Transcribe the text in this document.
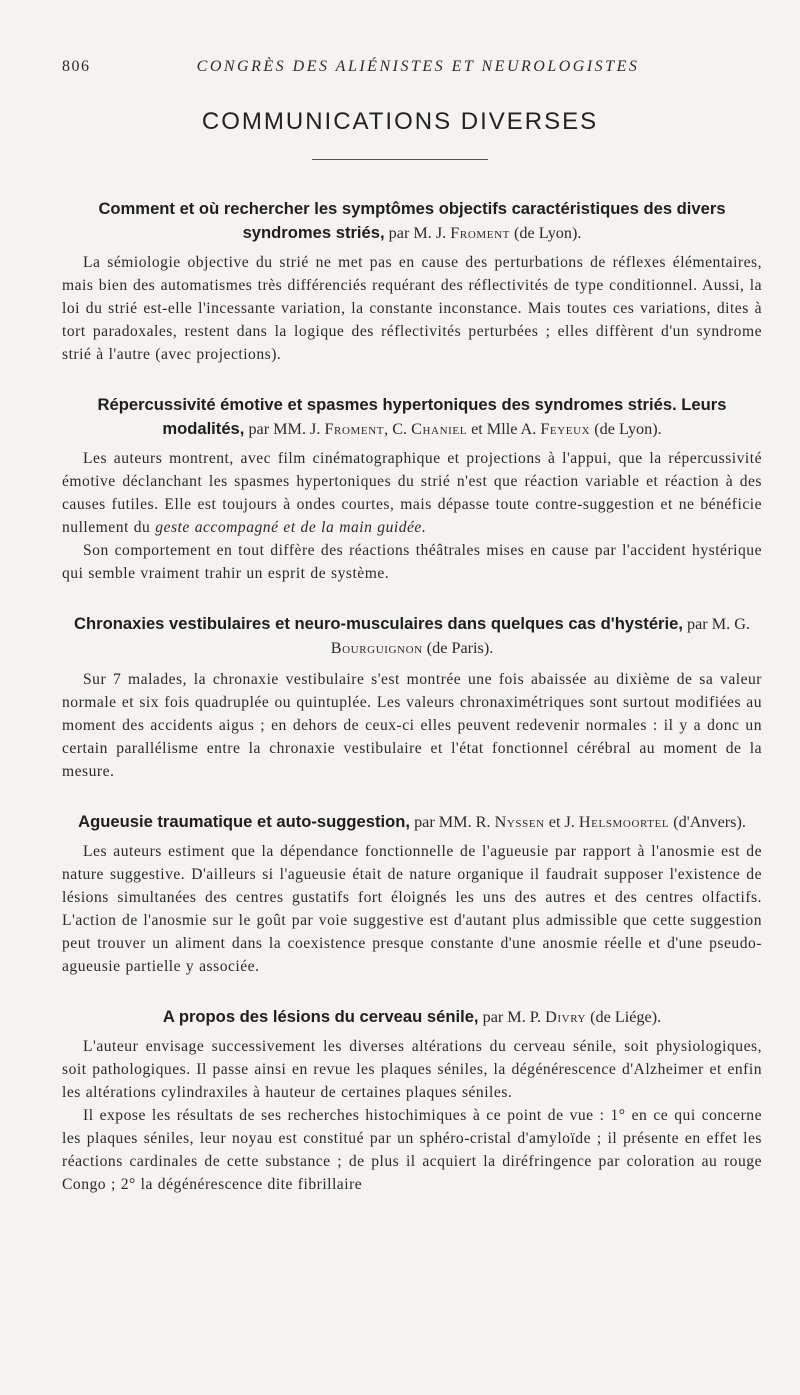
806	CONGRÈS DES ALIÉNISTES ET NEUROLOGISTES
COMMUNICATIONS DIVERSES

Comment et où rechercher les symptômes objectifs caractéristiques des divers syndromes striés, par M. J. Froment (de Lyon).

La sémiologie objective du strié ne met pas en cause des perturbations de réflexes élémentaires, mais bien des automatismes très différenciés requérant des réflectivités de type conditionnel. Aussi, la loi du strié est-elle l'incessante variation, la constante inconstance. Mais toutes ces variations, dites à tort paradoxales, restent dans la logique des réflectivités perturbées ; elles diffèrent d'un syndrome strié à l'autre (avec projections).

Répercussivité émotive et spasmes hypertoniques des syndromes striés. Leurs modalités, par MM. J. Froment, C. Chaniel et Mlle A. Feyeux (de Lyon).

Les auteurs montrent, avec film cinématographique et projections à l'appui, que la répercussivité émotive déclanchant les spasmes hypertoniques du strié n'est que réaction variable et réaction à des causes futiles. Elle est toujours à ondes courtes, mais dépasse toute contre-suggestion et ne bénéficie nullement du geste accompagné et de la main guidée.

Son comportement en tout diffère des réactions théâtrales mises en cause par l'accident hystérique qui semble vraiment trahir un esprit de système.

Chronaxies vestibulaires et neuro-musculaires dans quelques cas d'hystérie, par M. G. Bourguignon (de Paris).

Sur 7 malades, la chronaxie vestibulaire s'est montrée une fois abaissée au dixième de sa valeur normale et six fois quadruplée ou quintuplée. Les valeurs chronaximétriques sont surtout modifiées au moment des accidents aigus ; en dehors de ceux-ci elles peuvent redevenir normales : il y a donc un certain parallélisme entre la chronaxie vestibulaire et l'état fonctionnel cérébral au moment de la mesure.

Agueusie traumatique et auto-suggestion, par MM. R. Nyssen et J. Helsmoortel (d'Anvers).

Les auteurs estiment que la dépendance fonctionnelle de l'agueusie par rapport à l'anosmie est de nature suggestive. D'ailleurs si l'agueusie était de nature organique il faudrait supposer l'existence de lésions simultanées des centres gustatifs fort éloignés les uns des autres et des centres olfactifs. L'action de l'anosmie sur le goût par voie suggestive est d'autant plus admissible que cette suggestion peut trouver un aliment dans la coexistence presque constante d'une anosmie réelle et d'une pseudo-agueusie partielle y associée.

A propos des lésions du cerveau sénile, par M. P. Divry (de Liége).

L'auteur envisage successivement les diverses altérations du cerveau sénile, soit physiologiques, soit pathologiques. Il passe ainsi en revue les plaques séniles, la dégénérescence d'Alzheimer et enfin les altérations cylindraxiles à hauteur de certaines plaques séniles.

Il expose les résultats de ses recherches histochimiques à ce point de vue : 1° en ce qui concerne les plaques séniles, leur noyau est constitué par un sphéro-cristal d'amyloïde ; il présente en effet les réactions cardinales de cette substance ; de plus il acquiert la diréfringence par coloration au rouge Congo ; 2° la dégénérescence dite fibrillaire
